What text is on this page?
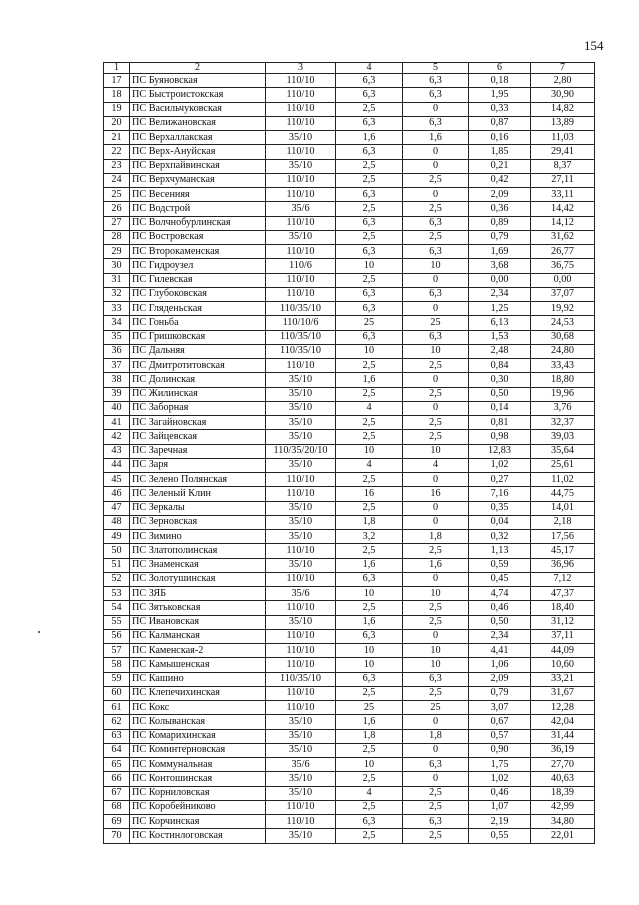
154
1	2	3	4	5	6	7
17	ПС Буяновская	110/10	6,3	6,3	0,18	2,80
18	ПС Быстроистокская	110/10	6,3	6,3	1,95	30,90
19	ПС Васильчуковская	110/10	2,5	0	0,33	14,82
20	ПС Велижановская	110/10	6,3	6,3	0,87	13,89
21	ПС Верхаллакская	35/10	1,6	1,6	0,16	11,03
22	ПС Верх-Ануйская	110/10	6,3	0	1,85	29,41
23	ПС Верхпайвинская	35/10	2,5	0	0,21	8,37
24	ПС Верхчуманская	110/10	2,5	2,5	0,42	27,11
25	ПС Весенняя	110/10	6,3	0	2,09	33,11
26	ПС Водстрой	35/6	2,5	2,5	0,36	14,42
27	ПС Волчнобурлинская	110/10	6,3	6,3	0,89	14,12
28	ПС Востровская	35/10	2,5	2,5	0,79	31,62
29	ПС Второкаменская	110/10	6,3	6,3	1,69	26,77
30	ПС Гидроузел	110/6	10	10	3,68	36,75
31	ПС Гилевская	110/10	2,5	0	0,00	0,00
32	ПС Глубоковская	110/10	6,3	6,3	2,34	37,07
33	ПС Гляденьская	110/35/10	6,3	0	1,25	19,92
34	ПС Гоньба	110/10/6	25	25	6,13	24,53
35	ПС Гришковская	110/35/10	6,3	6,3	1,53	30,68
36	ПС Дальняя	110/35/10	10	10	2,48	24,80
37	ПС Дмитротитовская	110/10	2,5	2,5	0,84	33,43
38	ПС Долинская	35/10	1,6	0	0,30	18,80
39	ПС Жилинская	35/10	2,5	2,5	0,50	19,96
40	ПС Заборная	35/10	4	0	0,14	3,76
41	ПС Загайновская	35/10	2,5	2,5	0,81	32,37
42	ПС Зайцевская	35/10	2,5	2,5	0,98	39,03
43	ПС Заречная	110/35/20/10	10	10	12,83	35,64
44	ПС Заря	35/10	4	4	1,02	25,61
45	ПС Зелено Полянская	110/10	2,5	0	0,27	11,02
46	ПС Зеленый Клин	110/10	16	16	7,16	44,75
47	ПС Зеркалы	35/10	2,5	0	0,35	14,01
48	ПС Зерновская	35/10	1,8	0	0,04	2,18
49	ПС Зимино	35/10	3,2	1,8	0,32	17,56
50	ПС Златополинская	110/10	2,5	2,5	1,13	45,17
51	ПС Знаменская	35/10	1,6	1,6	0,59	36,96
52	ПС Золотушинская	110/10	6,3	0	0,45	7,12
53	ПС ЗЯБ	35/6	10	10	4,74	47,37
54	ПС Зятьковская	110/10	2,5	2,5	0,46	18,40
55	ПС Ивановская	35/10	1,6	2,5	0,50	31,12
56	ПС Калманская	110/10	6,3	0	2,34	37,11
57	ПС Каменская-2	110/10	10	10	4,41	44,09
58	ПС Камышенская	110/10	10	10	1,06	10,60
59	ПС Кашино	110/35/10	6,3	6,3	2,09	33,21
60	ПС Клепечихинская	110/10	2,5	2,5	0,79	31,67
61	ПС Кокс	110/10	25	25	3,07	12,28
62	ПС Колыванская	35/10	1,6	0	0,67	42,04
63	ПС Комарихинская	35/10	1,8	1,8	0,57	31,44
64	ПС Коминтерновская	35/10	2,5	0	0,90	36,19
65	ПС Коммунальная	35/6	10	6,3	1,75	27,70
66	ПС Контошинская	35/10	2,5	0	1,02	40,63
67	ПС Корниловская	35/10	4	2,5	0,46	18,39
68	ПС Коробейниково	110/10	2,5	2,5	1,07	42,99
69	ПС Корчинская	110/10	6,3	6,3	2,19	34,80
70	ПС Костинлоговская	35/10	2,5	2,5	0,55	22,01
